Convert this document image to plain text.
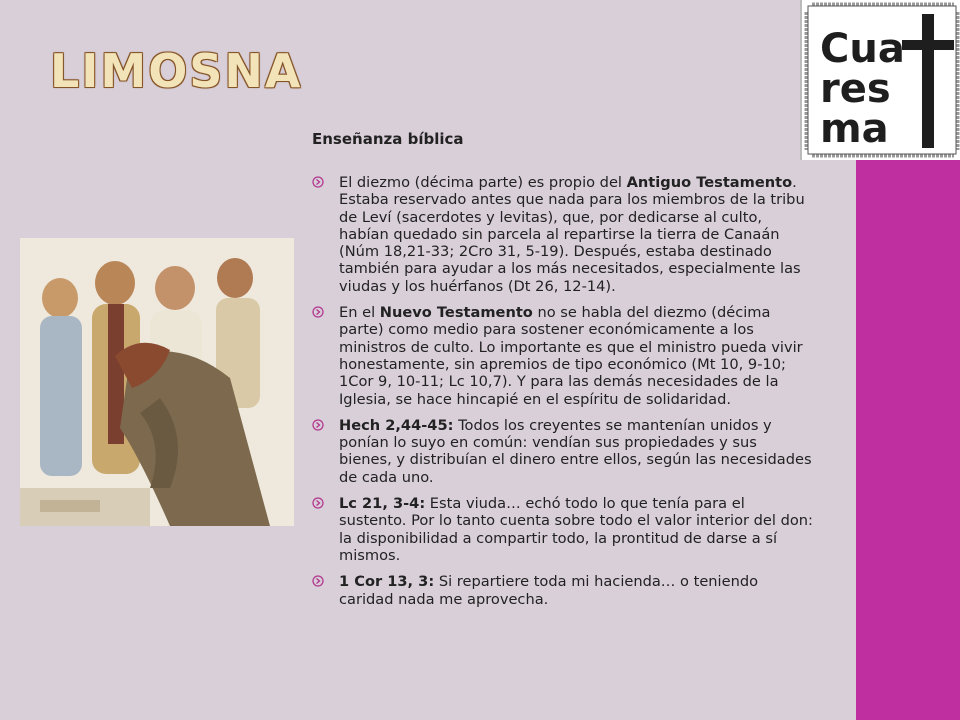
LIMOSNA	Cua
res
ma
Enseñanza bíblica
El diezmo (décima parte) es propio del Antiguo Testamento. Estaba reservado antes que nada para los miembros de la tribu de Leví (sacerdotes y levitas), que, por dedicarse al culto, habían quedado sin parcela al repartirse la tierra de Canaán (Núm 18,21-33; 2Cro 31, 5-19). Después, estaba destinado también para ayudar a los más necesitados, especialmente las viudas y los huérfanos (Dt 26, 12-14).
En el Nuevo Testamento no se habla del diezmo (décima parte) como medio para sostener económicamente a los ministros de culto. Lo importante es que el ministro pueda vivir honestamente, sin apremios de tipo económico (Mt 10, 9-10; 1Cor 9, 10-11; Lc 10,7). Y para las demás necesidades de la Iglesia, se hace hincapié en el espíritu de solidaridad.
Hech 2,44-45: Todos los creyentes se mantenían unidos y ponían lo suyo en común: vendían sus propiedades y sus bienes, y distribuían el dinero entre ellos, según las necesidades de cada uno.
Lc 21, 3-4: Esta viuda… echó todo lo que tenía para el sustento. Por lo tanto cuenta sobre todo el valor interior del don: la disponibilidad a compartir todo, la prontitud de darse a sí mismos.
1 Cor 13, 3: Si repartiere toda mi hacienda… o teniendo caridad nada me aprovecha.
